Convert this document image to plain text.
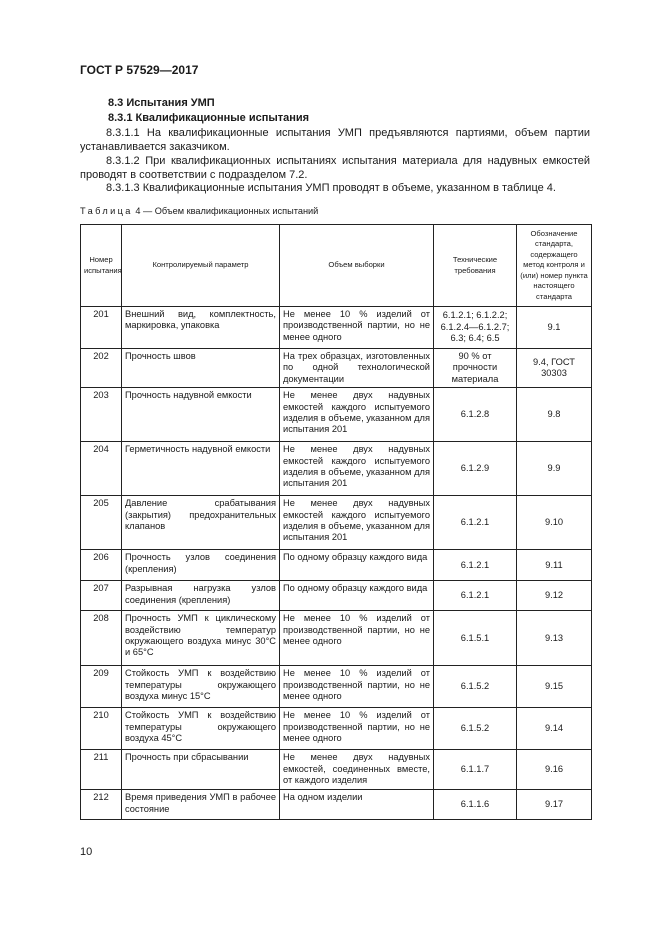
ГОСТ Р 57529—2017
8.3 Испытания УМП
8.3.1 Квалификационные испытания
8.3.1.1 На квалификационные испытания УМП предъявляются партиями, объем партии устанавливается заказчиком.
8.3.1.2 При квалификационных испытаниях испытания материала для надувных емкостей проводят в соответствии с подразделом 7.2.
8.3.1.3 Квалификационные испытания УМП проводят в объеме, указанном в таблице 4.
Таблица 4 — Объем квалификационных испытаний
Номер испытания	Контролируемый параметр	Объем выборки	Технические требования	Обозначение стандарта, содержащего метод контроля и (или) номер пункта настоящего стандарта
201	Внешний вид, комплектность, маркировка, упаковка	Не менее 10 % изделий от производственной партии, но не менее одного	6.1.2.1; 6.1.2.2; 6.1.2.4—6.1.2.7; 6.3; 6.4; 6.5	9.1
202	Прочность швов	На трех образцах, изготовленных по одной технологической документации	90 % от прочности материала	9.4, ГОСТ 30303
203	Прочность надувной емкости	Не менее двух надувных емкостей каждого испытуемого изделия в объеме, указанном для испытания 201	6.1.2.8	9.8
204	Герметичность надувной емкости	Не менее двух надувных емкостей каждого испытуемого изделия в объеме, указанном для испытания 201	6.1.2.9	9.9
205	Давление срабатывания (закрытия) предохранительных клапанов	Не менее двух надувных емкостей каждого испытуемого изделия в объеме, указанном для испытания 201	6.1.2.1	9.10
206	Прочность узлов соединения (крепления)	По одному образцу каждого вида	6.1.2.1	9.11
207	Разрывная нагрузка узлов соединения (крепления)	По одному образцу каждого вида	6.1.2.1	9.12
208	Прочность УМП к циклическому воздействию температур окружающего воздуха минус 30°С и 65°С	Не менее 10 % изделий от производственной партии, но не менее одного	6.1.5.1	9.13
209	Стойкость УМП к воздействию температуры окружающего воздуха минус 15°С	Не менее 10 % изделий от производственной партии, но не менее одного	6.1.5.2	9.15
210	Стойкость УМП к воздействию температуры окружающего воздуха 45°С	Не менее 10 % изделий от производственной партии, но не менее одного	6.1.5.2	9.14
211	Прочность при сбрасывании	Не менее двух надувных емкостей, соединенных вместе, от каждого изделия	6.1.1.7	9.16
212	Время приведения УМП в рабочее состояние	На одном изделии	6.1.1.6	9.17
10
